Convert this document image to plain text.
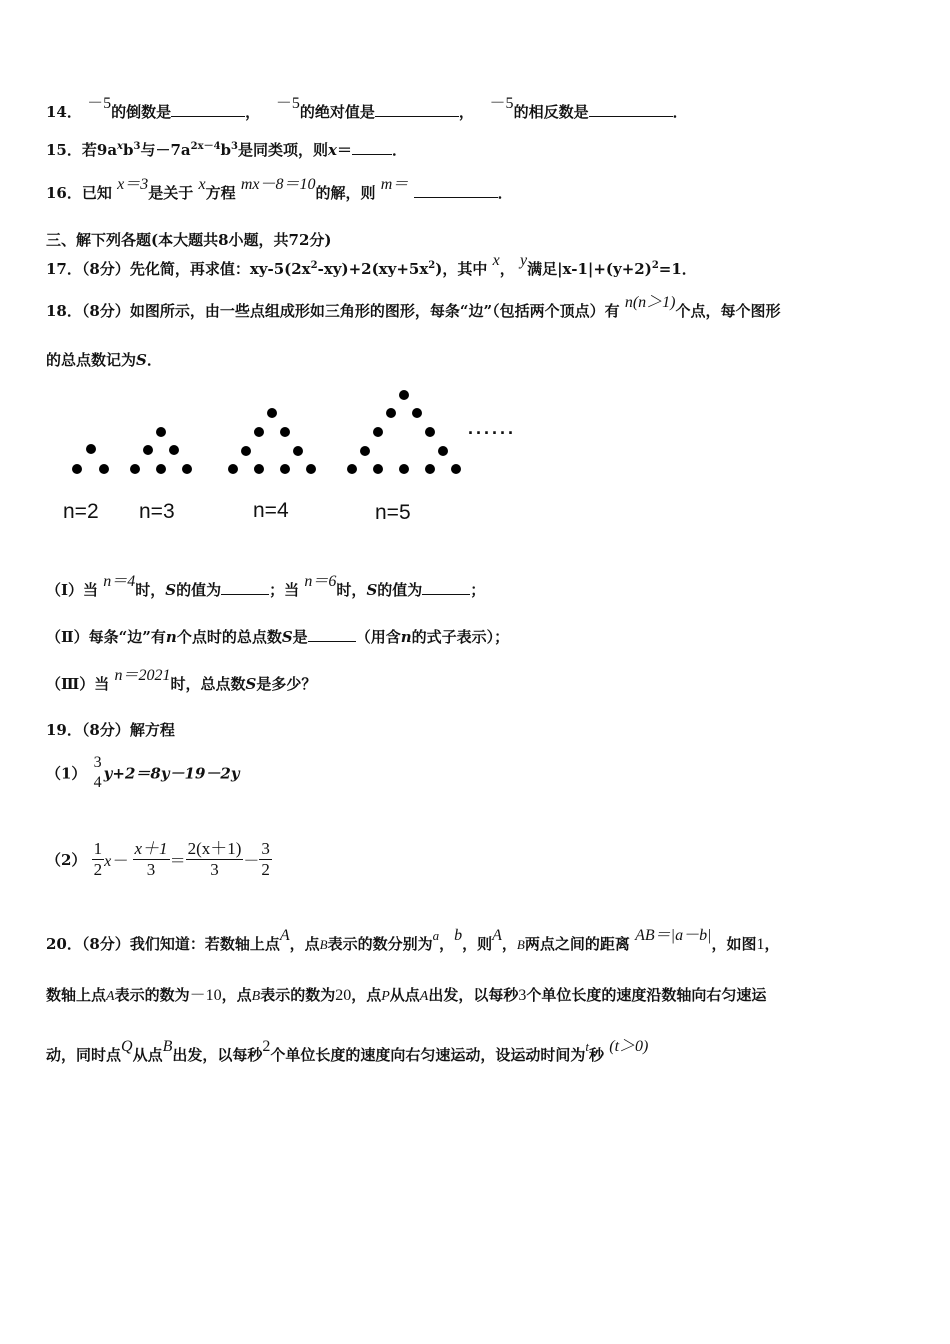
14． －5的倒数是	， －5的绝对值是	， －5的相反数是	．
15．若$9a^xb^3$与$-7a^{2x-4}b^3$是同类项，则x＝	．
16．已知 x＝3是关于 x方程 mx－8＝10的解，则 m＝	．
三、解下列各题(本大题共8小题，共72分)
17．（8分）先化简，再求值：$xy-5(2x^2-xy)+2(xy+5x^2)$，其中 x， y满足$|x-1|+(y+2)^2=1$．
18．（8分）如图所示，由一些点组成形如三角形的图形，每条“边”（包括两个顶点）有 n(n＞1)个点，每个图形
的总点数记为S．
......
n=2 n=3	n=4	n=5
（Ⅰ）当 n＝4时，S的值为	；当 n＝6时，S的值为	；
（Ⅱ）每条“边”有n个点时的总点数S是	（用含n的式子表示）；
（Ⅲ）当 n＝2021时，总点数S是多少？
19．（8分）解方程
（1）
3
4 y+2＝8y－19－2y
$(2) \frac{1}{2} x- \frac{x+1}{3} = \frac{2(x+1)}{3} - \frac{3}{2}$
20．（8分）我们知道：若数轴上点A，点B表示的数分别为a，b，则A，B两点之间的距离 AB＝|a－b|，如图1，
数轴上点A表示的数为－10，点B表示的数为20，点P从点A出发，以每秒3个单位长度的速度沿数轴向右匀速运
动，同时点Q从点B出发，以每秒2个单位长度的速度向右匀速运动，设运动时间为t秒 (t＞0)
